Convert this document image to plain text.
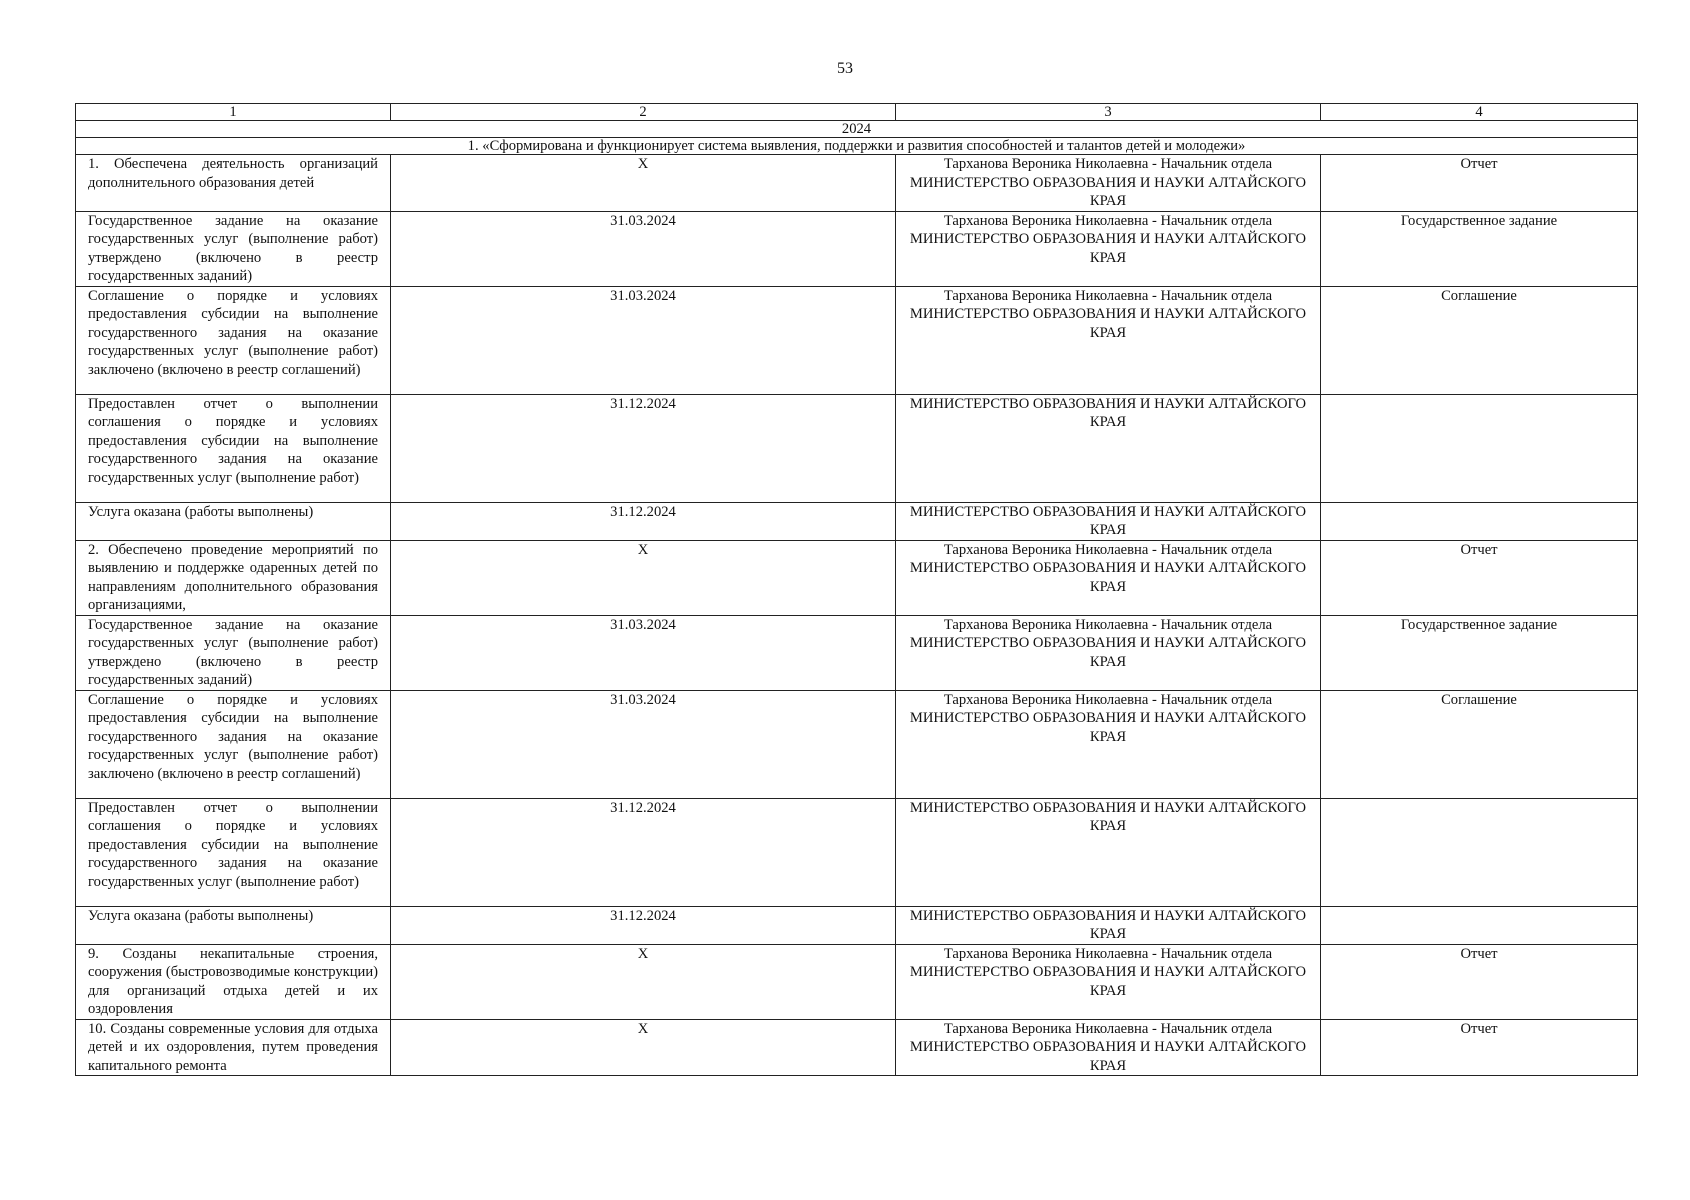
53
1	2	3	4
2024			
1. «Сформирована и функционирует система выявления, поддержки и развития способностей и талантов детей и молодежи»			
1. Обеспечена деятельность организаций дополнительного образования детей	X	Тарханова Вероника Николаевна - Начальник отдела МИНИСТЕРСТВО ОБРАЗОВАНИЯ И НАУКИ АЛТАЙСКОГО КРАЯ	Отчет
Государственное задание на оказание государственных услуг (выполнение работ) утверждено (включено в реестр государственных заданий)	31.03.2024	Тарханова Вероника Николаевна - Начальник отдела МИНИСТЕРСТВО ОБРАЗОВАНИЯ И НАУКИ АЛТАЙСКОГО КРАЯ	Государственное задание
Соглашение о порядке и условиях предоставления субсидии на выполнение государственного задания на оказание государственных услуг (выполнение работ) заключено (включено в реестр соглашений)	31.03.2024	Тарханова Вероника Николаевна - Начальник отдела МИНИСТЕРСТВО ОБРАЗОВАНИЯ И НАУКИ АЛТАЙСКОГО КРАЯ	Соглашение
Предоставлен отчет о выполнении соглашения о порядке и условиях предоставления субсидии на выполнение государственного задания на оказание государственных услуг (выполнение работ)	31.12.2024	МИНИСТЕРСТВО ОБРАЗОВАНИЯ И НАУКИ АЛТАЙСКОГО КРАЯ	
Услуга оказана (работы выполнены)	31.12.2024	МИНИСТЕРСТВО ОБРАЗОВАНИЯ И НАУКИ АЛТАЙСКОГО КРАЯ	
2. Обеспечено проведение мероприятий по выявлению и поддержке одаренных детей по направлениям дополнительного образования организациями,	X	Тарханова Вероника Николаевна - Начальник отдела МИНИСТЕРСТВО ОБРАЗОВАНИЯ И НАУКИ АЛТАЙСКОГО КРАЯ	Отчет
Государственное задание на оказание государственных услуг (выполнение работ) утверждено (включено в реестр государственных заданий)	31.03.2024	Тарханова Вероника Николаевна - Начальник отдела МИНИСТЕРСТВО ОБРАЗОВАНИЯ И НАУКИ АЛТАЙСКОГО КРАЯ	Государственное задание
Соглашение о порядке и условиях предоставления субсидии на выполнение государственного задания на оказание государственных услуг (выполнение работ) заключено (включено в реестр соглашений)	31.03.2024	Тарханова Вероника Николаевна - Начальник отдела МИНИСТЕРСТВО ОБРАЗОВАНИЯ И НАУКИ АЛТАЙСКОГО КРАЯ	Соглашение
Предоставлен отчет о выполнении соглашения о порядке и условиях предоставления субсидии на выполнение государственного задания на оказание государственных услуг (выполнение работ)	31.12.2024	МИНИСТЕРСТВО ОБРАЗОВАНИЯ И НАУКИ АЛТАЙСКОГО КРАЯ	
Услуга оказана (работы выполнены)	31.12.2024	МИНИСТЕРСТВО ОБРАЗОВАНИЯ И НАУКИ АЛТАЙСКОГО КРАЯ	
9. Созданы некапитальные строения, сооружения (быстровозводимые конструкции) для организаций отдыха детей и их оздоровления	X	Тарханова Вероника Николаевна - Начальник отдела МИНИСТЕРСТВО ОБРАЗОВАНИЯ И НАУКИ АЛТАЙСКОГО КРАЯ	Отчет
10. Созданы современные условия для отдыха детей и их оздоровления, путем проведения капитального ремонта	X	Тарханова Вероника Николаевна - Начальник отдела МИНИСТЕРСТВО ОБРАЗОВАНИЯ И НАУКИ АЛТАЙСКОГО КРАЯ	Отчет
